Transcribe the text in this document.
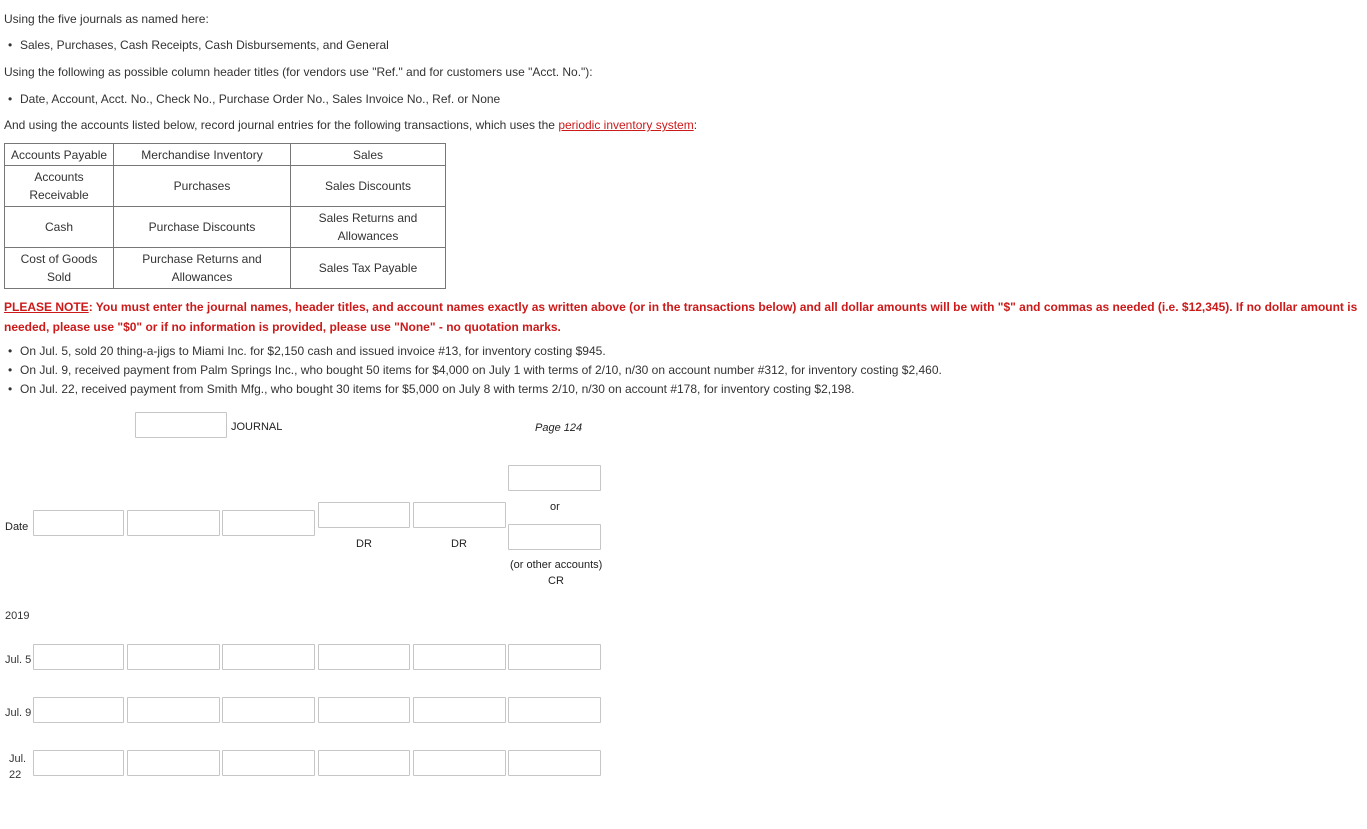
Using the five journals as named here:
• Sales, Purchases, Cash Receipts, Cash Disbursements, and General
Using the following as possible column header titles (for vendors use "Ref." and for customers use "Acct. No."):
• Date, Account, Acct. No., Check No., Purchase Order No., Sales Invoice No., Ref. or None
And using the accounts listed below, record journal entries for the following transactions, which uses the periodic inventory system:
Accounts Payable	Merchandise Inventory	Sales
Accounts Receivable	Purchases	Sales Discounts
Cash	Purchase Discounts	Sales Returns and Allowances
Cost of Goods Sold	Purchase Returns and Allowances	Sales Tax Payable
PLEASE NOTE: You must enter the journal names, header titles, and account names exactly as written above (or in the transactions below) and all dollar amounts will be with "$" and commas as needed (i.e. $12,345). If no dollar amount is needed, please use "$0" or if no information is provided, please use "None" - no quotation marks.
• On Jul. 5, sold 20 thing-a-jigs to Miami Inc. for $2,150 cash and issued invoice #13, for inventory costing $945.
• On Jul. 9, received payment from Palm Springs Inc., who bought 50 items for $4,000 on July 1 with terms of 2/10, n/30 on account number #312, for inventory costing $2,460.
• On Jul. 22, received payment from Smith Mfg., who bought 30 items for $5,000 on July 8 with terms 2/10, n/30 on account #178, for inventory costing $2,198.
JOURNAL	Page 124
or
Date
DR	DR
(or other accounts)
CR
2019
Jul. 5
Jul. 9
Jul.
22
